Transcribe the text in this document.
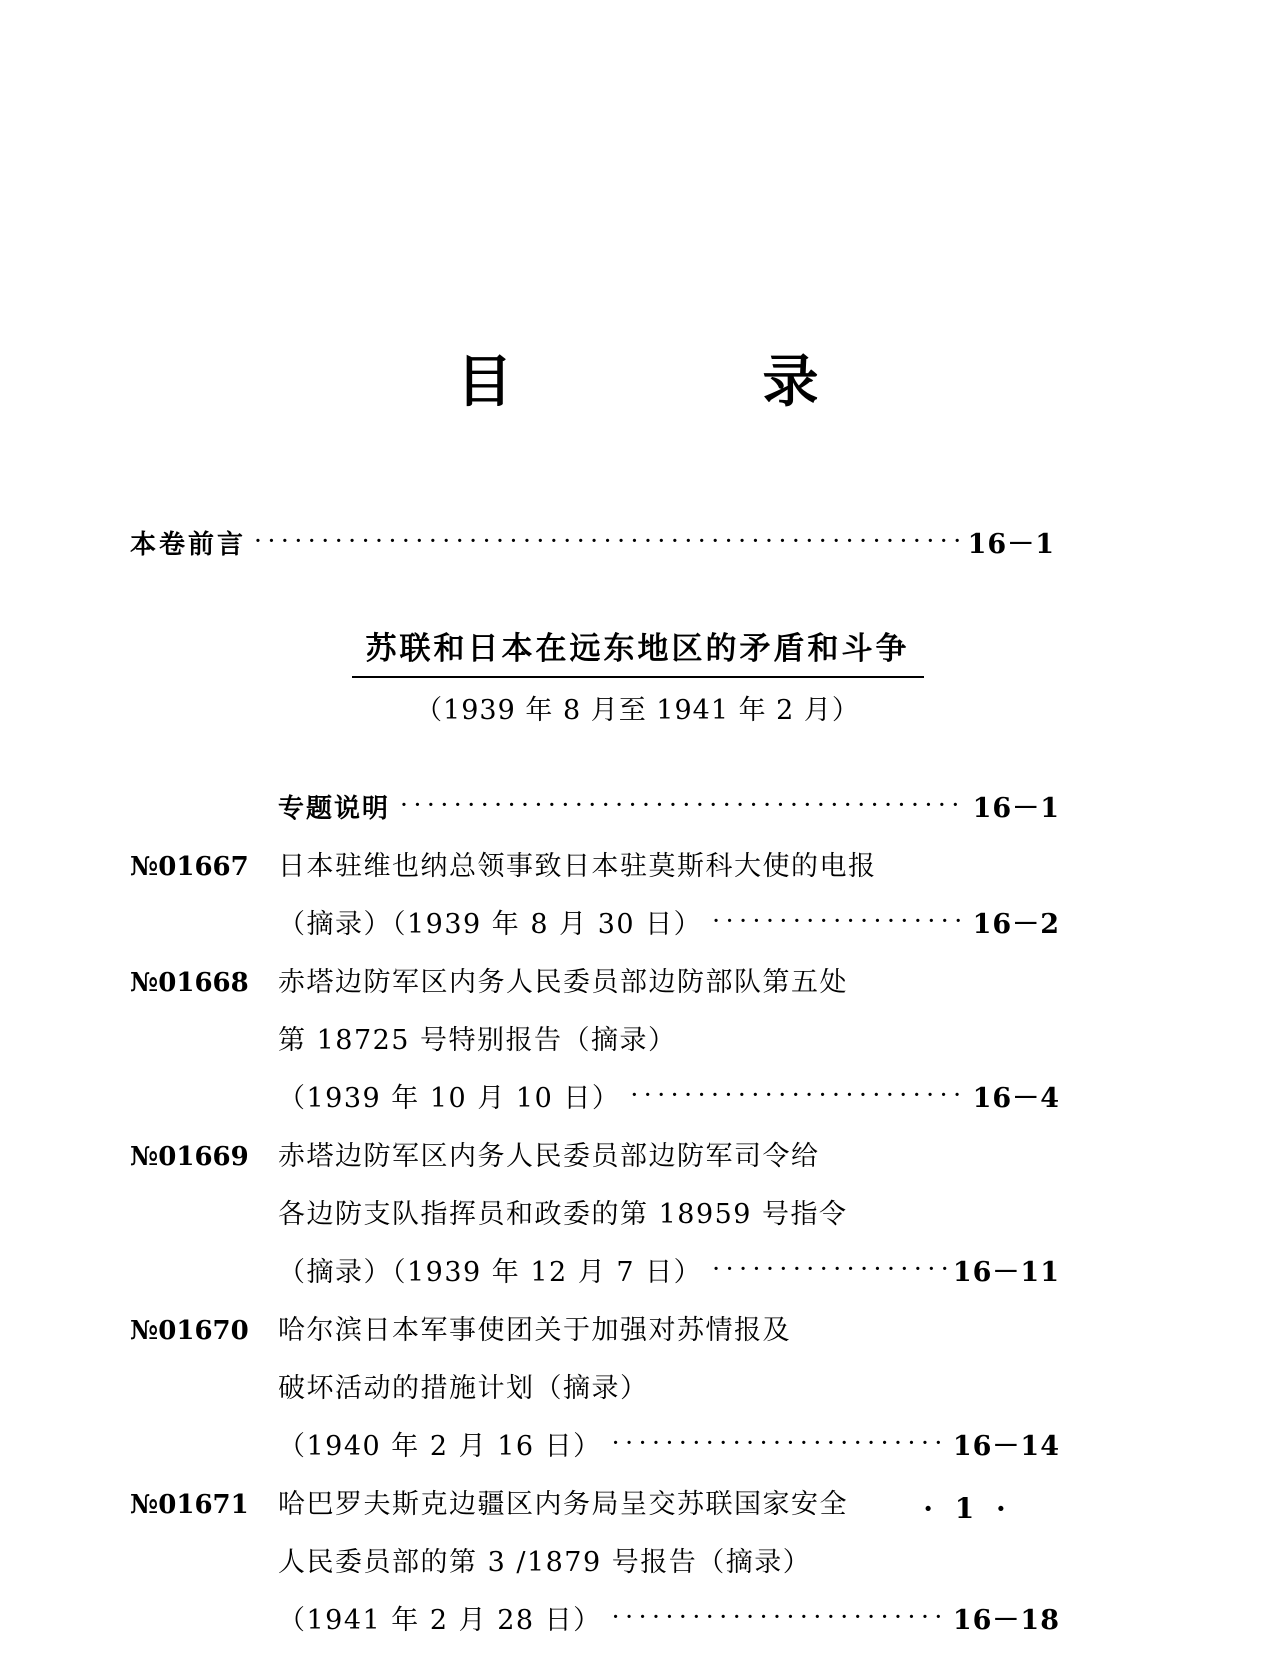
目　　录
本卷前言 ·····	16－1
苏联和日本在远东地区的矛盾和斗争
（1939 年 8 月至 1941 年 2 月）
专题说明 ·····	16－1
№01667	日本驻维也纳总领事致日本驻莫斯科大使的电报
（摘录）（1939 年 8 月 30 日） ·····	16－2
№01668	赤塔边防军区内务人民委员部边防部队第五处
第 18725 号特别报告（摘录）
（1939 年 10 月 10 日） ·····	16－4
№01669	赤塔边防军区内务人民委员部边防军司令给
各边防支队指挥员和政委的第 18959 号指令
（摘录）（1939 年 12 月 7 日） ·····	16－11
№01670	哈尔滨日本军事使团关于加强对苏情报及
破坏活动的措施计划（摘录）
（1940 年 2 月 16 日） ·····	16－14
№01671	哈巴罗夫斯克边疆区内务局呈交苏联国家安全
人民委员部的第 3 /1879 号报告（摘录）
（1941 年 2 月 28 日） ·····	16－18
· 1 ·
